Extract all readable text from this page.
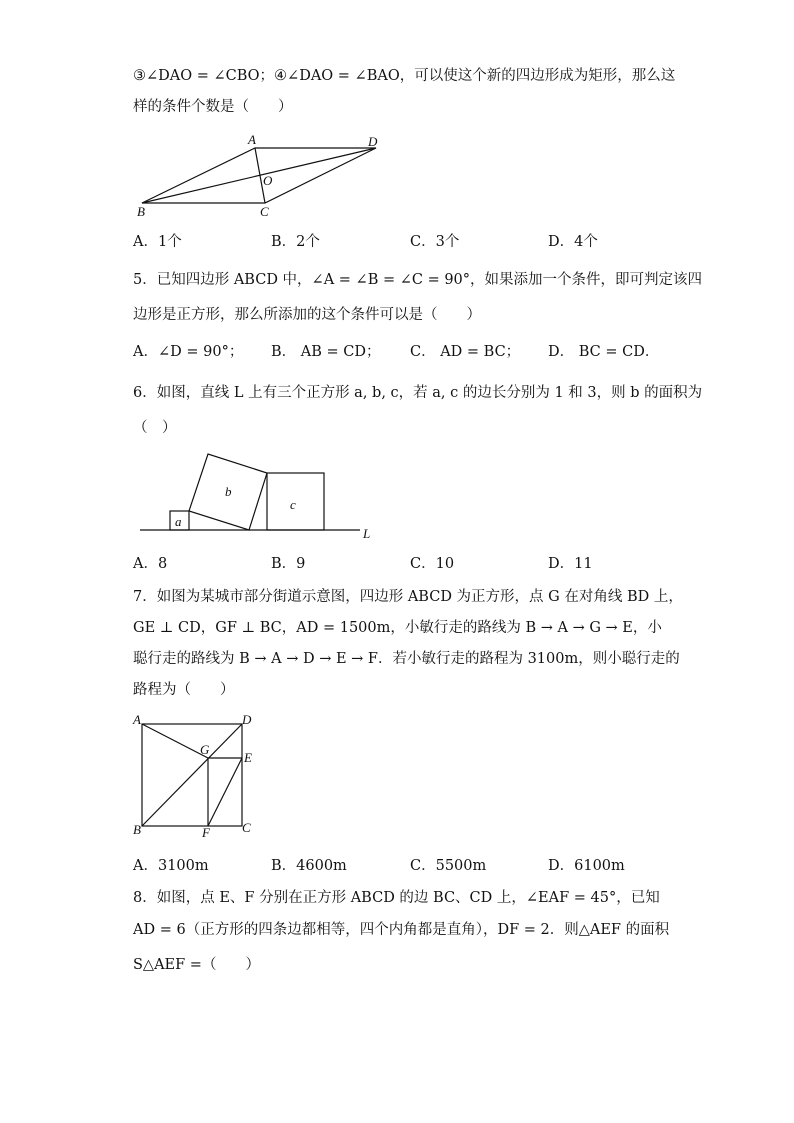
③∠DAO = ∠CBO；④∠DAO = ∠BAO，可以使这个新的四边形成为矩形，那么这
样的条件个数是（　　）
A	D
O
B	C
A．1个	B．2个	C．3个	D．4个
5．已知四边形 ABCD 中，∠A = ∠B = ∠C = 90°，如果添加一个条件，即可判定该四
边形是正方形，那么所添加的这个条件可以是（　　）
A．∠D = 90°； B． AB = CD； C． AD = BC； D． BC = CD．
6．如图，直线 L 上有三个正方形 a, b, c，若 a, c 的边长分别为 1 和 3，则 b 的面积为
（　）
a
b
c
L
A．8	B．9	C．10	D．11
7．如图为某城市部分街道示意图，四边形 ABCD 为正方形，点 G 在对角线 BD 上，
GE ⊥ CD，GF ⊥ BC，AD = 1500m，小敏行走的路线为 B → A → G → E，小
聪行走的路线为 B → A → D → E → F．若小敏行走的路程为 3100m，则小聪行走的
路程为（　　）
A	D
G
E
B	F C
A．3100m	B．4600m	C．5500m	D．6100m
8．如图，点 E、F 分别在正方形 ABCD 的边 BC、CD 上，∠EAF = 45°，已知
AD = 6（正方形的四条边都相等，四个内角都是直角），DF = 2．则△AEF 的面积
S△AEF =（　　）
